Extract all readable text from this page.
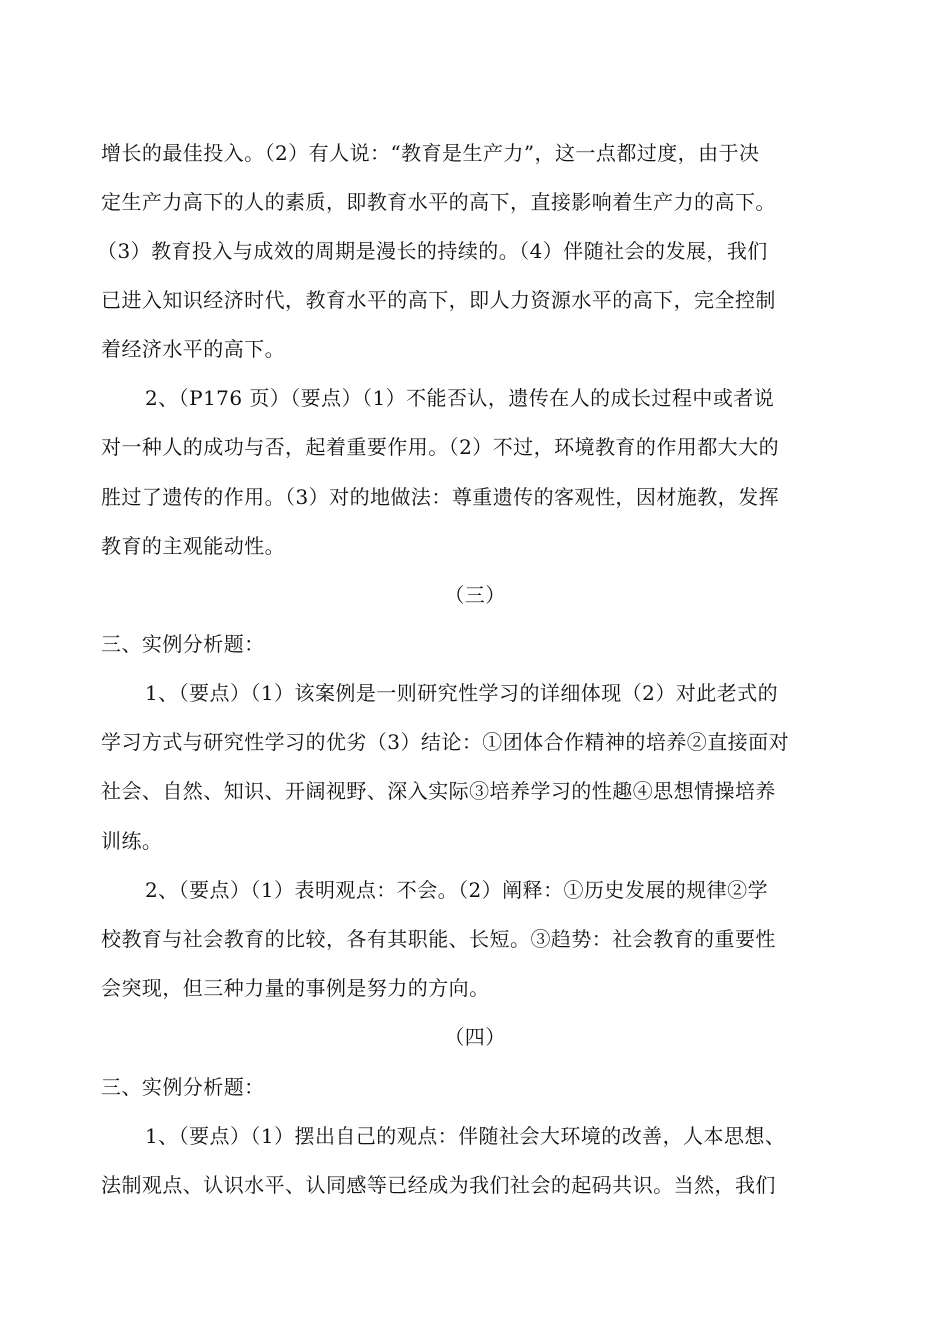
增长的最佳投入。（2）有人说：“教育是生产力”，这一点都过度，由于决
定生产力高下的人的素质，即教育水平的高下，直接影响着生产力的高下。
（3）教育投入与成效的周期是漫长的持续的。（4）伴随社会的发展，我们
已进入知识经济时代，教育水平的高下，即人力资源水平的高下，完全控制
着经济水平的高下。
2、（P176 页）（要点）（1）不能否认，遗传在人的成长过程中或者说
对一种人的成功与否，起着重要作用。（2）不过，环境教育的作用都大大的
胜过了遗传的作用。（3）对的地做法：尊重遗传的客观性，因材施教，发挥
教育的主观能动性。
（三）
三、实例分析题：
1、（要点）（1）该案例是一则研究性学习的详细体现（2）对此老式的
学习方式与研究性学习的优劣（3）结论：①团体合作精神的培养②直接面对
社会、自然、知识、开阔视野、深入实际③培养学习的性趣④思想情操培养
训练。
2、（要点）（1）表明观点：不会。（2）阐释：①历史发展的规律②学
校教育与社会教育的比较，各有其职能、长短。③趋势：社会教育的重要性
会突现，但三种力量的事例是努力的方向。
（四）
三、实例分析题：
1、（要点）（1）摆出自己的观点：伴随社会大环境的改善，人本思想、
法制观点、认识水平、认同感等已经成为我们社会的起码共识。当然，我们
